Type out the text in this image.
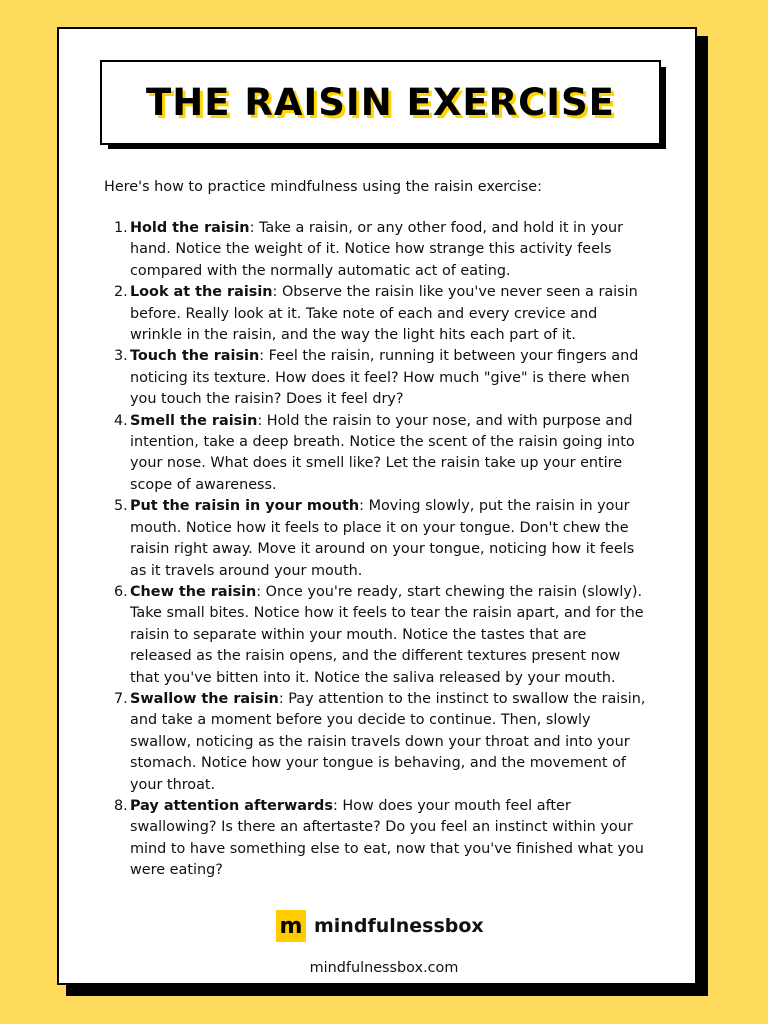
THE RAISIN EXERCISE

Here's how to practice mindfulness using the raisin exercise:

1. Hold the raisin: Take a raisin, or any other food, and hold it in your hand. Notice the weight of it. Notice how strange this activity feels compared with the normally automatic act of eating.
2. Look at the raisin: Observe the raisin like you've never seen a raisin before. Really look at it. Take note of each and every crevice and wrinkle in the raisin, and the way the light hits each part of it.
3. Touch the raisin: Feel the raisin, running it between your fingers and noticing its texture. How does it feel? How much "give" is there when you touch the raisin? Does it feel dry?
4. Smell the raisin: Hold the raisin to your nose, and with purpose and intention, take a deep breath. Notice the scent of the raisin going into your nose. What does it smell like? Let the raisin take up your entire scope of awareness.
5. Put the raisin in your mouth: Moving slowly, put the raisin in your mouth. Notice how it feels to place it on your tongue. Don't chew the raisin right away. Move it around on your tongue, noticing how it feels as it travels around your mouth.
6. Chew the raisin: Once you're ready, start chewing the raisin (slowly). Take small bites. Notice how it feels to tear the raisin apart, and for the raisin to separate within your mouth. Notice the tastes that are released as the raisin opens, and the different textures present now that you've bitten into it. Notice the saliva released by your mouth.
7. Swallow the raisin: Pay attention to the instinct to swallow the raisin, and take a moment before you decide to continue. Then, slowly swallow, noticing as the raisin travels down your throat and into your stomach. Notice how your tongue is behaving, and the movement of your throat.
8. Pay attention afterwards: How does your mouth feel after swallowing? Is there an aftertaste? Do you feel an instinct within your mind to have something else to eat, now that you've finished what you were eating?
m mindfulnessbox
mindfulnessbox.com
